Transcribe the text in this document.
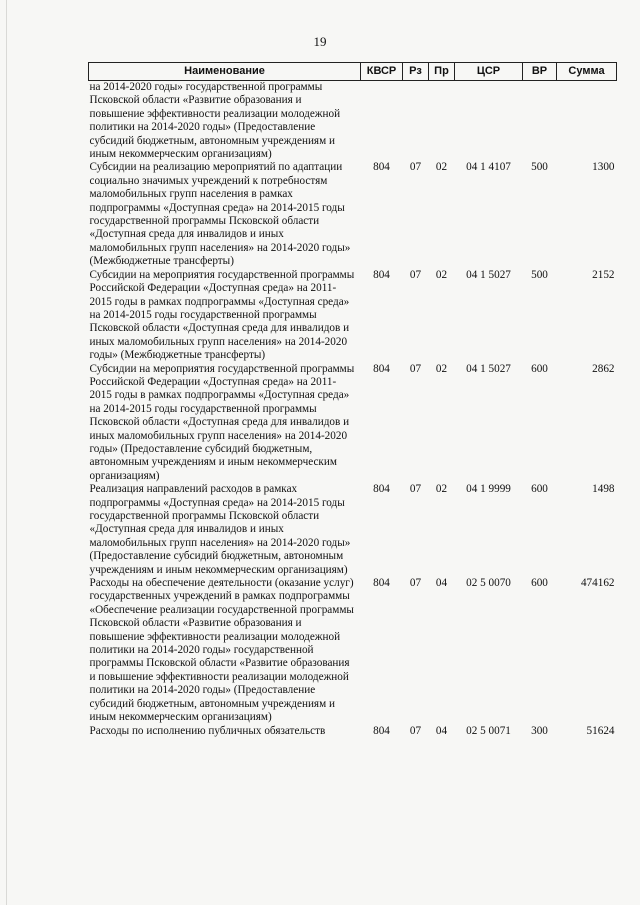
19
Наименование	КВСР	Рз	Пр	ЦСР	ВР	Сумма
на 2014-2020 годы» государственной программы Псковской области «Развитие образования и повышение эффективности реализации молодежной политики на 2014-2020 годы» (Предоставление субсидий бюджетным, автономным учреждениям и иным некоммерческим организациям)						
Субсидии на реализацию мероприятий по адаптации социально значимых учреждений к потребностям маломобильных групп населения в рамках подпрограммы «Доступная среда» на 2014-2015 годы государственной программы Псковской области «Доступная среда для инвалидов и иных маломобильных групп населения» на 2014-2020 годы» (Межбюджетные трансферты)	804	07	02	04 1 4107	500	1300
Субсидии на мероприятия государственной программы Российской Федерации «Доступная среда» на 2011-2015 годы в рамках подпрограммы «Доступная среда» на 2014-2015 годы государственной программы Псковской области «Доступная среда для инвалидов и иных маломобильных групп населения» на 2014-2020 годы» (Межбюджетные трансферты)	804	07	02	04 1 5027	500	2152
Субсидии на мероприятия государственной программы Российской Федерации «Доступная среда» на 2011-2015 годы в рамках подпрограммы «Доступная среда» на 2014-2015 годы государственной программы Псковской области «Доступная среда для инвалидов и иных маломобильных групп населения» на 2014-2020 годы» (Предоставление субсидий бюджетным, автономным учреждениям и иным некоммерческим организациям)	804	07	02	04 1 5027	600	2862
Реализация направлений расходов в рамках подпрограммы «Доступная среда» на 2014-2015 годы государственной программы Псковской области «Доступная среда для инвалидов и иных маломобильных групп населения» на 2014-2020 годы» (Предоставление субсидий бюджетным, автономным учреждениям и иным некоммерческим организациям)	804	07	02	04 1 9999	600	1498
Расходы на обеспечение деятельности (оказание услуг) государственных учреждений в рамках подпрограммы «Обеспечение реализации государственной программы Псковской области «Развитие образования и повышение эффективности реализации молодежной политики на 2014-2020 годы» государственной программы Псковской области «Развитие образования и повышение эффективности реализации молодежной политики на 2014-2020 годы» (Предоставление субсидий бюджетным, автономным учреждениям и иным некоммерческим организациям)	804	07	04	02 5 0070	600	474162
Расходы по исполнению публичных обязательств	804	07	04	02 5 0071	300	51624
